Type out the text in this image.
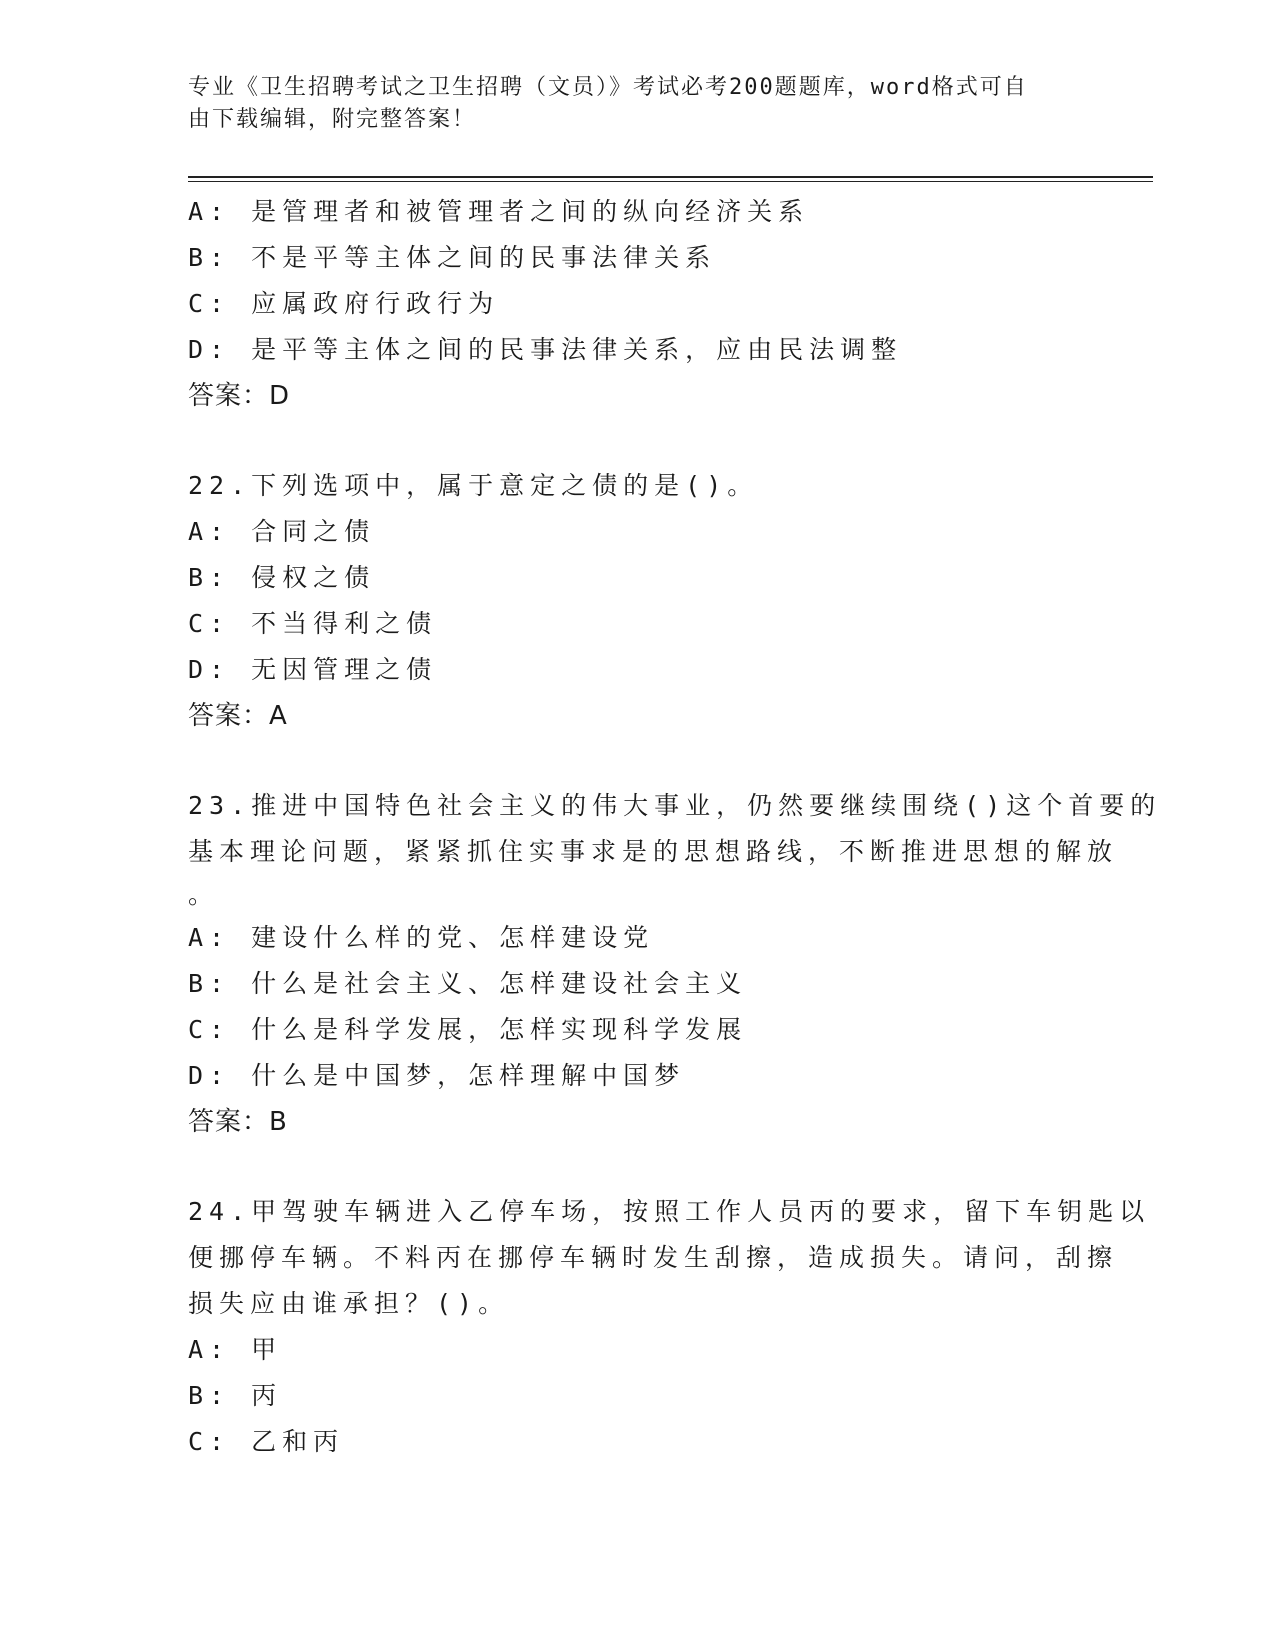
专业《卫生招聘考试之卫生招聘（文员）》考试必考200题题库，word格式可自
由下载编辑，附完整答案！
A: 是管理者和被管理者之间的纵向经济关系
B: 不是平等主体之间的民事法律关系
C: 应属政府行政行为
D: 是平等主体之间的民事法律关系，应由民法调整
答案：D
22.下列选项中，属于意定之债的是()。
A: 合同之债
B: 侵权之债
C: 不当得利之债
D: 无因管理之债
答案：A
23.推进中国特色社会主义的伟大事业，仍然要继续围绕()这个首要的
基本理论问题，紧紧抓住实事求是的思想路线，不断推进思想的解放
。
A: 建设什么样的党、怎样建设党
B: 什么是社会主义、怎样建设社会主义
C: 什么是科学发展，怎样实现科学发展
D: 什么是中国梦，怎样理解中国梦
答案：B
24.甲驾驶车辆进入乙停车场，按照工作人员丙的要求，留下车钥匙以
便挪停车辆。不料丙在挪停车辆时发生刮擦，造成损失。请问，刮擦
损失应由谁承担？()。
A: 甲
B: 丙
C: 乙和丙
